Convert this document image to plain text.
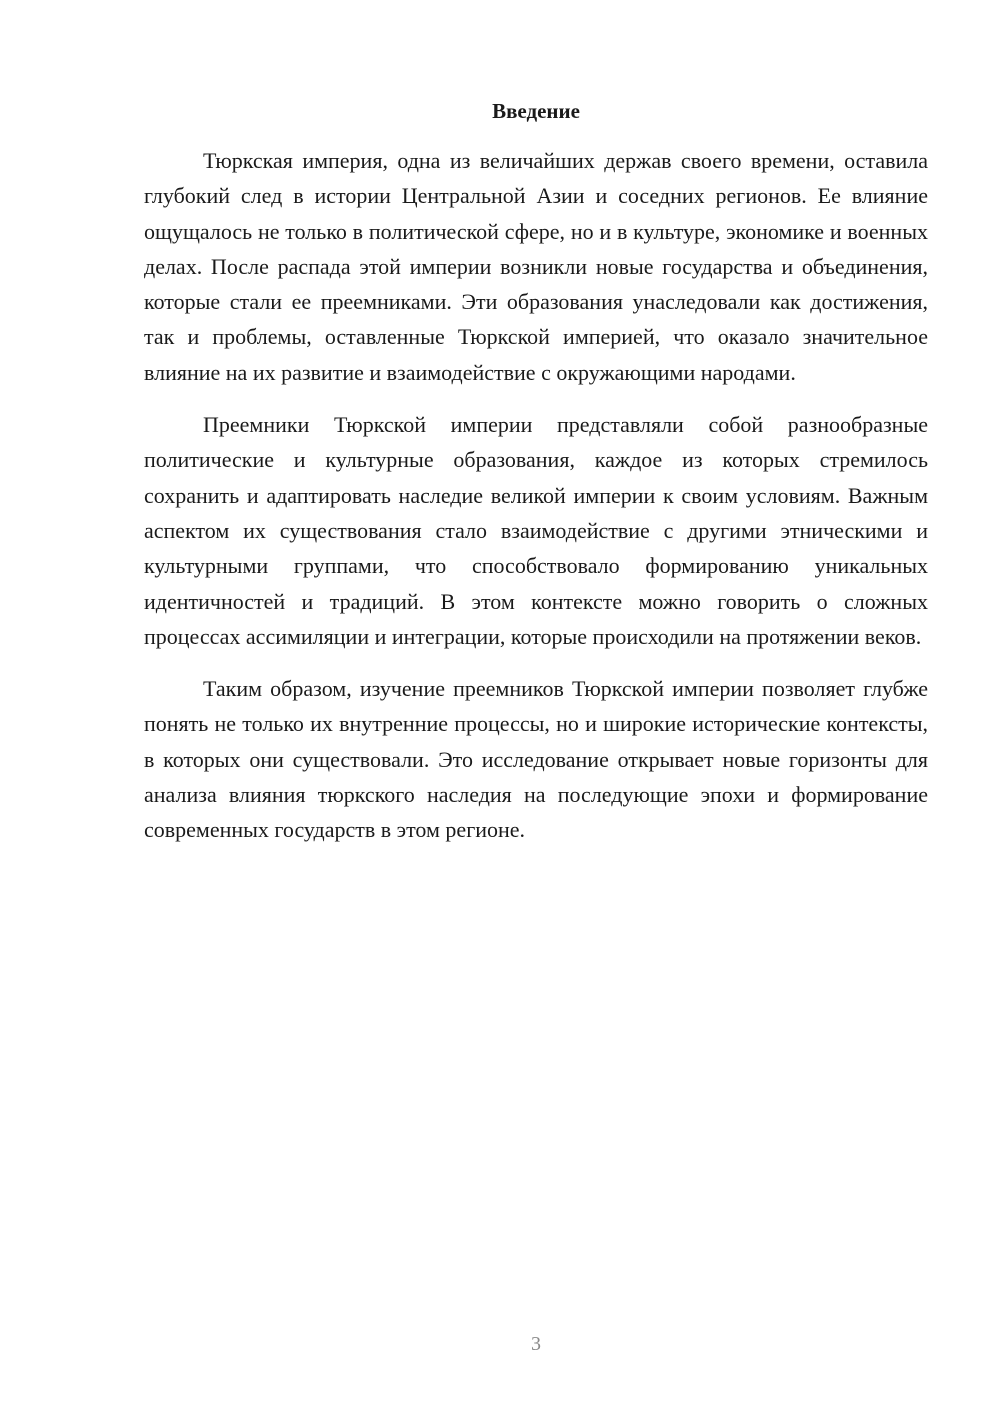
Введение

Тюркская империя, одна из величайших держав своего времени, оставила глубокий след в истории Центральной Азии и соседних регионов. Ее влияние ощущалось не только в политической сфере, но и в культуре, экономике и военных делах. После распада этой империи возникли новые государства и объединения, которые стали ее преемниками. Эти образования унаследовали как достижения, так и проблемы, оставленные Тюркской империей, что оказало значительное влияние на их развитие и взаимодействие с окружающими народами.

Преемники Тюркской империи представляли собой разнообразные политические и культурные образования, каждое из которых стремилось сохранить и адаптировать наследие великой империи к своим условиям. Важным аспектом их существования стало взаимодействие с другими этническими и культурными группами, что способствовало формированию уникальных идентичностей и традиций. В этом контексте можно говорить о сложных процессах ассимиляции и интеграции, которые происходили на протяжении веков.

Таким образом, изучение преемников Тюркской империи позволяет глубже понять не только их внутренние процессы, но и широкие исторические контексты, в которых они существовали. Это исследование открывает новые горизонты для анализа влияния тюркского наследия на последующие эпохи и формирование современных государств в этом регионе.

3
